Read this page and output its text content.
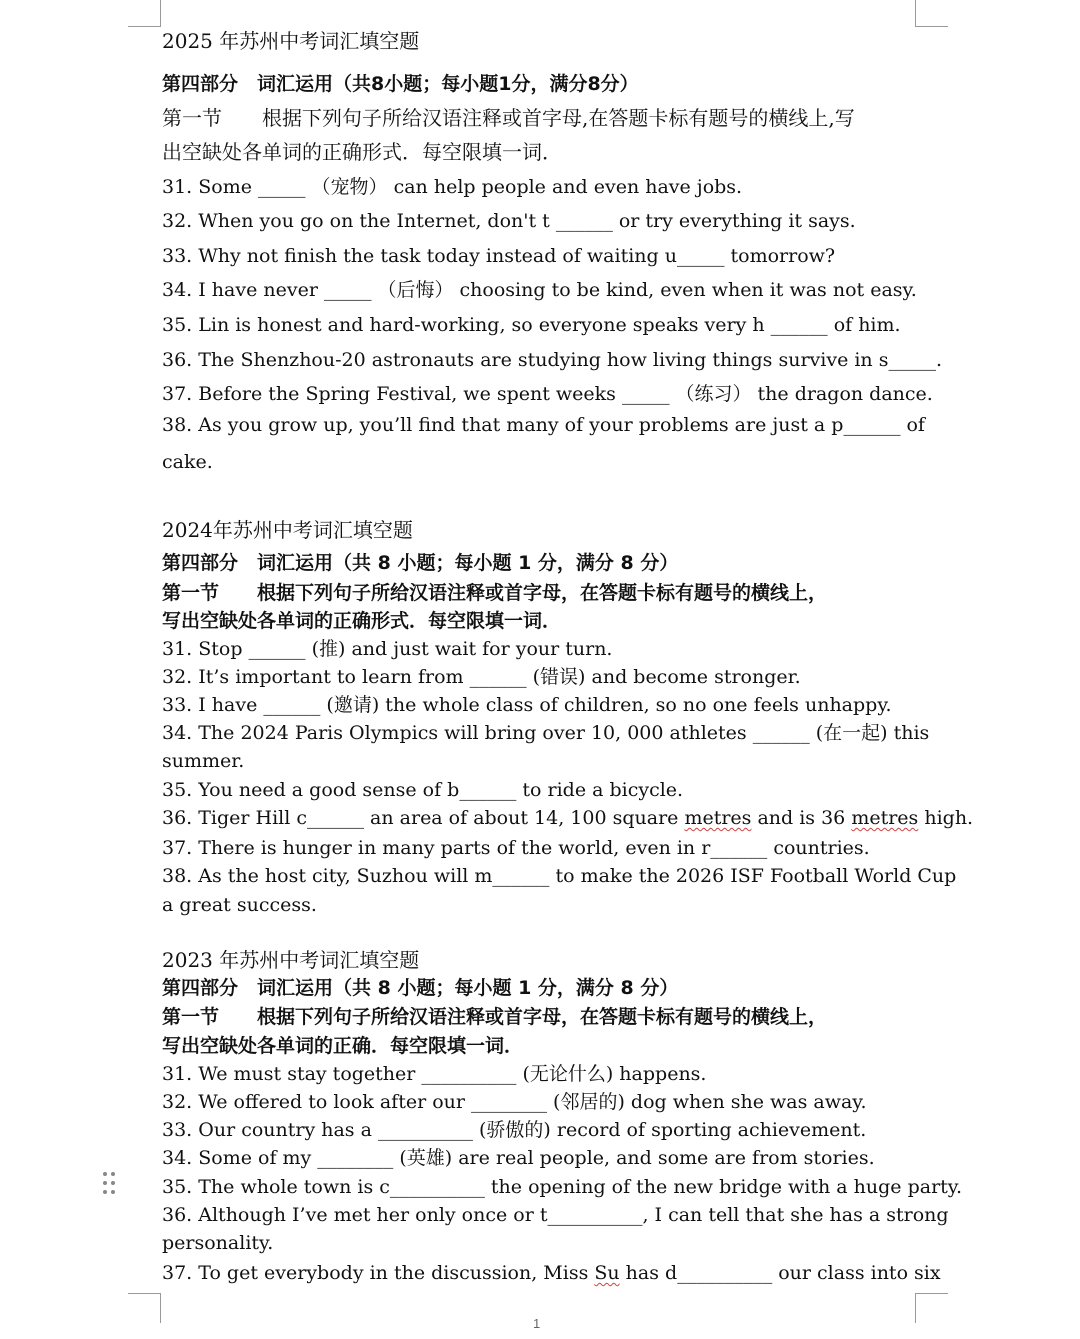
2025 年苏州中考词汇填空题
第四部分　词汇运用（共8小题；每小题1分，满分8分）
第一节　　根据下列句子所给汉语注释或首字母,在答题卡标有题号的横线上,写
出空缺处各单词的正确形式．每空限填一词．
31. Some _____ （宠物） can help people and even have jobs.
32. When you go on the Internet, don't t ______ or try everything it says.
33. Why not finish the task today instead of waiting u_____ tomorrow?
34. I have never _____ （后悔） choosing to be kind, even when it was not easy.
35. Lin is honest and hard-working, so everyone speaks very h ______ of him.
36. The Shenzhou-20 astronauts are studying how living things survive in s_____.
37. Before the Spring Festival, we spent weeks _____ （练习） the dragon dance.
38. As you grow up, you’ll find that many of your problems are just a p______ of
cake.
2024年苏州中考词汇填空题
第四部分　词汇运用（共 8 小题；每小题 1 分，满分 8 分）
第一节　　根据下列句子所给汉语注释或首字母，在答题卡标有题号的横线上，
写出空缺处各单词的正确形式．每空限填一词．
31. Stop ______ (推) and just wait for your turn.
32. It’s important to learn from ______ (错误) and become stronger.
33. I have ______ (邀请) the whole class of children, so no one feels unhappy.
34. The 2024 Paris Olympics will bring over 10, 000 athletes ______ (在一起) this
summer.
35. You need a good sense of b______ to ride a bicycle.
36. Tiger Hill c______ an area of about 14, 100 square metres and is 36 metres high.
37. There is hunger in many parts of the world, even in r______ countries.
38. As the host city, Suzhou will m______ to make the 2026 ISF Football World Cup
a great success.
2023 年苏州中考词汇填空题
第四部分　词汇运用（共 8 小题；每小题 1 分，满分 8 分）
第一节　　根据下列句子所给汉语注释或首字母，在答题卡标有题号的横线上，
写出空缺处各单词的正确．每空限填一词．
31. We must stay together __________ (无论什么) happens.
32. We offered to look after our ________ (邻居的) dog when she was away.
33. Our country has a __________ (骄傲的) record of sporting achievement.
34. Some of my ________ (英雄) are real people, and some are from stories.
35. The whole town is c__________ the opening of the new bridge with a huge party.
36. Although I’ve met her only once or t__________, I can tell that she has a strong
personality.
37. To get everybody in the discussion, Miss Su has d__________ our class into six
1
